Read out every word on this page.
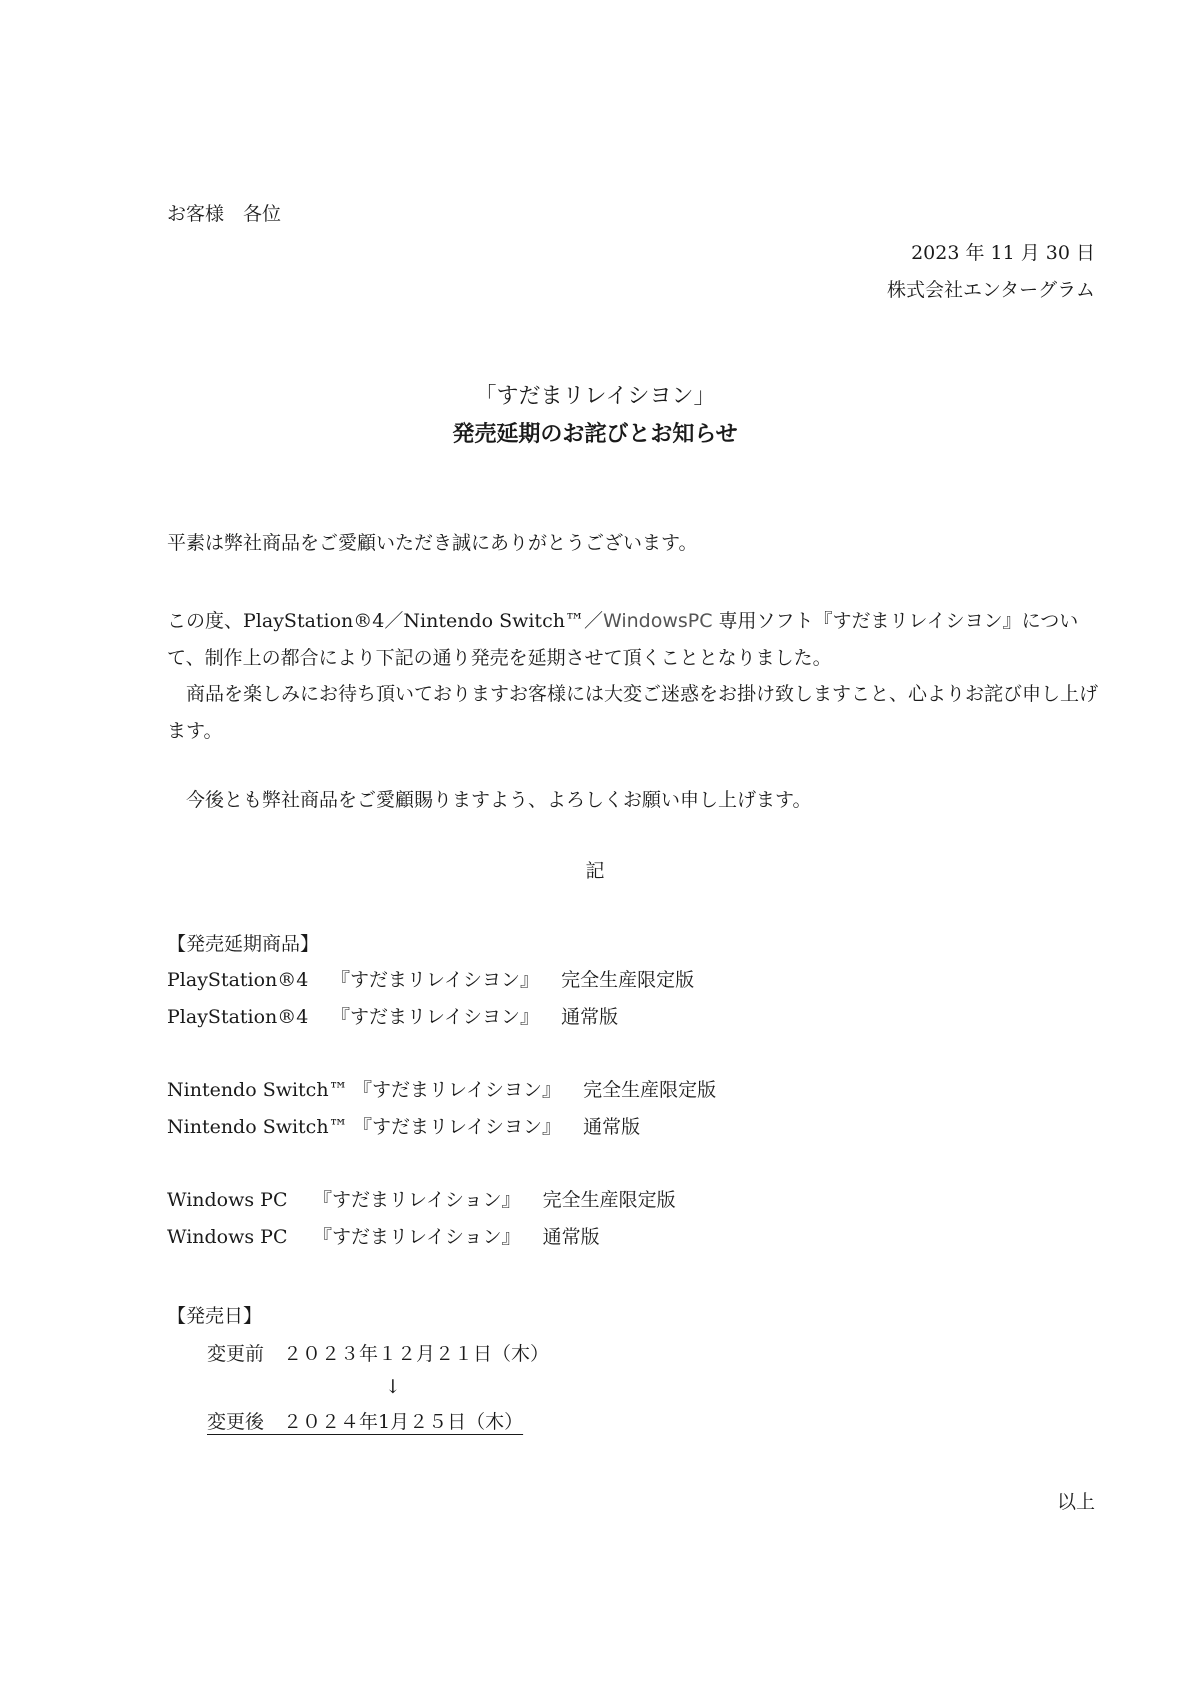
お客様　各位
2023 年 11 月 30 日
株式会社エンターグラム
「すだまリレイシヨン」
発売延期のお詫びとお知らせ
平素は弊社商品をご愛顧いただき誠にありがとうございます。
この度、PlayStation®4／Nintendo Switch™／WindowsPC 専用ソフト『すだまリレイシヨン』について、制作上の都合により下記の通り発売を延期させて頂くこととなりました。
　商品を楽しみにお待ち頂いておりますお客様には大変ご迷惑をお掛け致しますこと、心よりお詫び申し上げます。
　今後とも弊社商品をご愛顧賜りますよう、よろしくお願い申し上げます。
記
【発売延期商品】
PlayStation®4 『すだまリレイシヨン』 完全生産限定版
PlayStation®4 『すだまリレイシヨン』 通常版
Nintendo Switch™ 『すだまリレイシヨン』 完全生産限定版
Nintendo Switch™ 『すだまリレイシヨン』 通常版
Windows PC 『すだまリレイション』 完全生産限定版
Windows PC 『すだまリレイション』 通常版
【発売日】
変更前　２０２３年１２月２１日（木）
↓
変更後　２０２４年1月２５日（木）
以上
